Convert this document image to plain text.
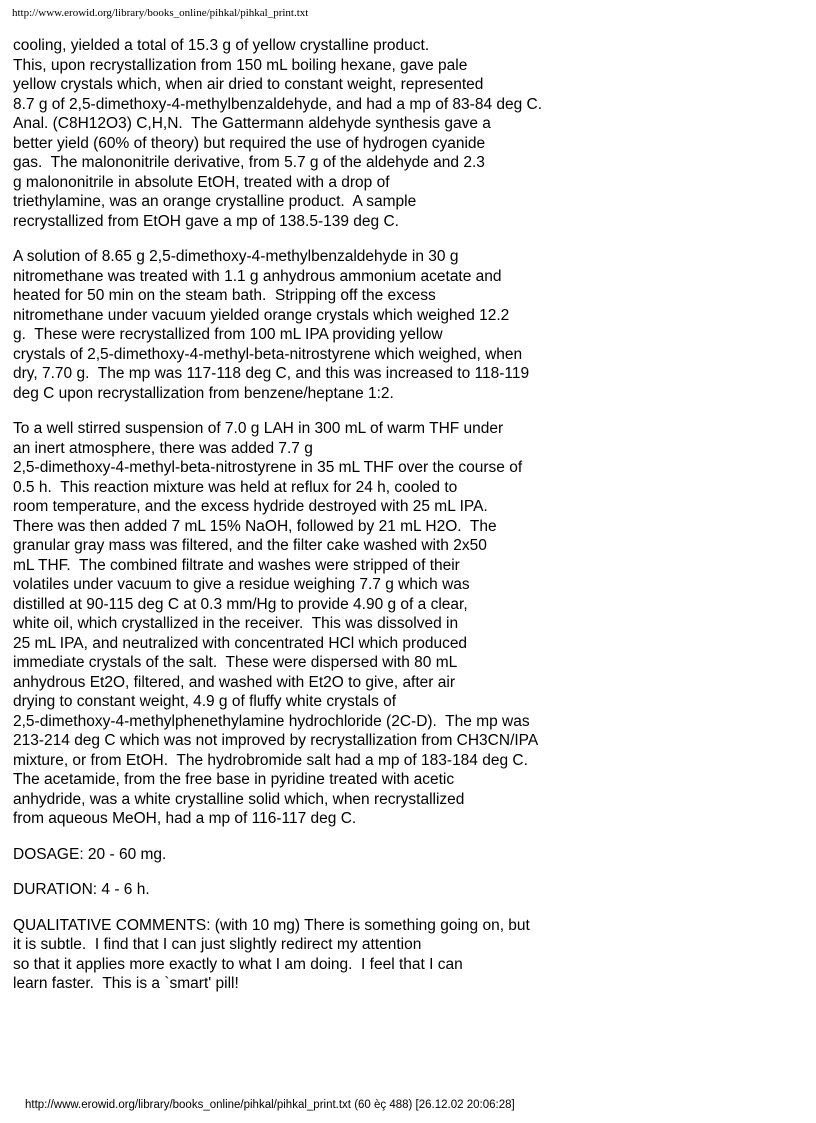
http://www.erowid.org/library/books_online/pihkal/pihkal_print.txt
cooling, yielded a total of 15.3 g of yellow crystalline product.
This, upon recrystallization from 150 mL boiling hexane, gave pale
yellow crystals which, when air dried to constant weight, represented
8.7 g of 2,5-dimethoxy-4-methylbenzaldehyde, and had a mp of 83-84 deg C.
Anal. (C8H12O3) C,H,N.  The Gattermann aldehyde synthesis gave a
better yield (60% of theory) but required the use of hydrogen cyanide
gas.  The malononitrile derivative, from 5.7 g of the aldehyde and 2.3
g malononitrile in absolute EtOH, treated with a drop of
triethylamine, was an orange crystalline product.  A sample
recrystallized from EtOH gave a mp of 138.5-139 deg C.
A solution of 8.65 g 2,5-dimethoxy-4-methylbenzaldehyde in 30 g
nitromethane was treated with 1.1 g anhydrous ammonium acetate and
heated for 50 min on the steam bath.  Stripping off the excess
nitromethane under vacuum yielded orange crystals which weighed 12.2
g.  These were recrystallized from 100 mL IPA providing yellow
crystals of 2,5-dimethoxy-4-methyl-beta-nitrostyrene which weighed, when
dry, 7.70 g.  The mp was 117-118 deg C, and this was increased to 118-119
deg C upon recrystallization from benzene/heptane 1:2.
To a well stirred suspension of 7.0 g LAH in 300 mL of warm THF under
an inert atmosphere, there was added 7.7 g
2,5-dimethoxy-4-methyl-beta-nitrostyrene in 35 mL THF over the course of
0.5 h.  This reaction mixture was held at reflux for 24 h, cooled to
room temperature, and the excess hydride destroyed with 25 mL IPA.
There was then added 7 mL 15% NaOH, followed by 21 mL H2O.  The
granular gray mass was filtered, and the filter cake washed with 2x50
mL THF.  The combined filtrate and washes were stripped of their
volatiles under vacuum to give a residue weighing 7.7 g which was
distilled at 90-115 deg C at 0.3 mm/Hg to provide 4.90 g of a clear,
white oil, which crystallized in the receiver.  This was dissolved in
25 mL IPA, and neutralized with concentrated HCl which produced
immediate crystals of the salt.  These were dispersed with 80 mL
anhydrous Et2O, filtered, and washed with Et2O to give, after air
drying to constant weight, 4.9 g of fluffy white crystals of
2,5-dimethoxy-4-methylphenethylamine hydrochloride (2C-D).  The mp was
213-214 deg C which was not improved by recrystallization from CH3CN/IPA
mixture, or from EtOH.  The hydrobromide salt had a mp of 183-184 deg C.
The acetamide, from the free base in pyridine treated with acetic
anhydride, was a white crystalline solid which, when recrystallized
from aqueous MeOH, had a mp of 116-117 deg C.
DOSAGE: 20 - 60 mg.
DURATION: 4 - 6 h.
QUALITATIVE COMMENTS: (with 10 mg) There is something going on, but
it is subtle.  I find that I can just slightly redirect my attention
so that it applies more exactly to what I am doing.  I feel that I can
learn faster.  This is a `smart' pill!
http://www.erowid.org/library/books_online/pihkal/pihkal_print.txt (60 èç 488) [26.12.02 20:06:28]
